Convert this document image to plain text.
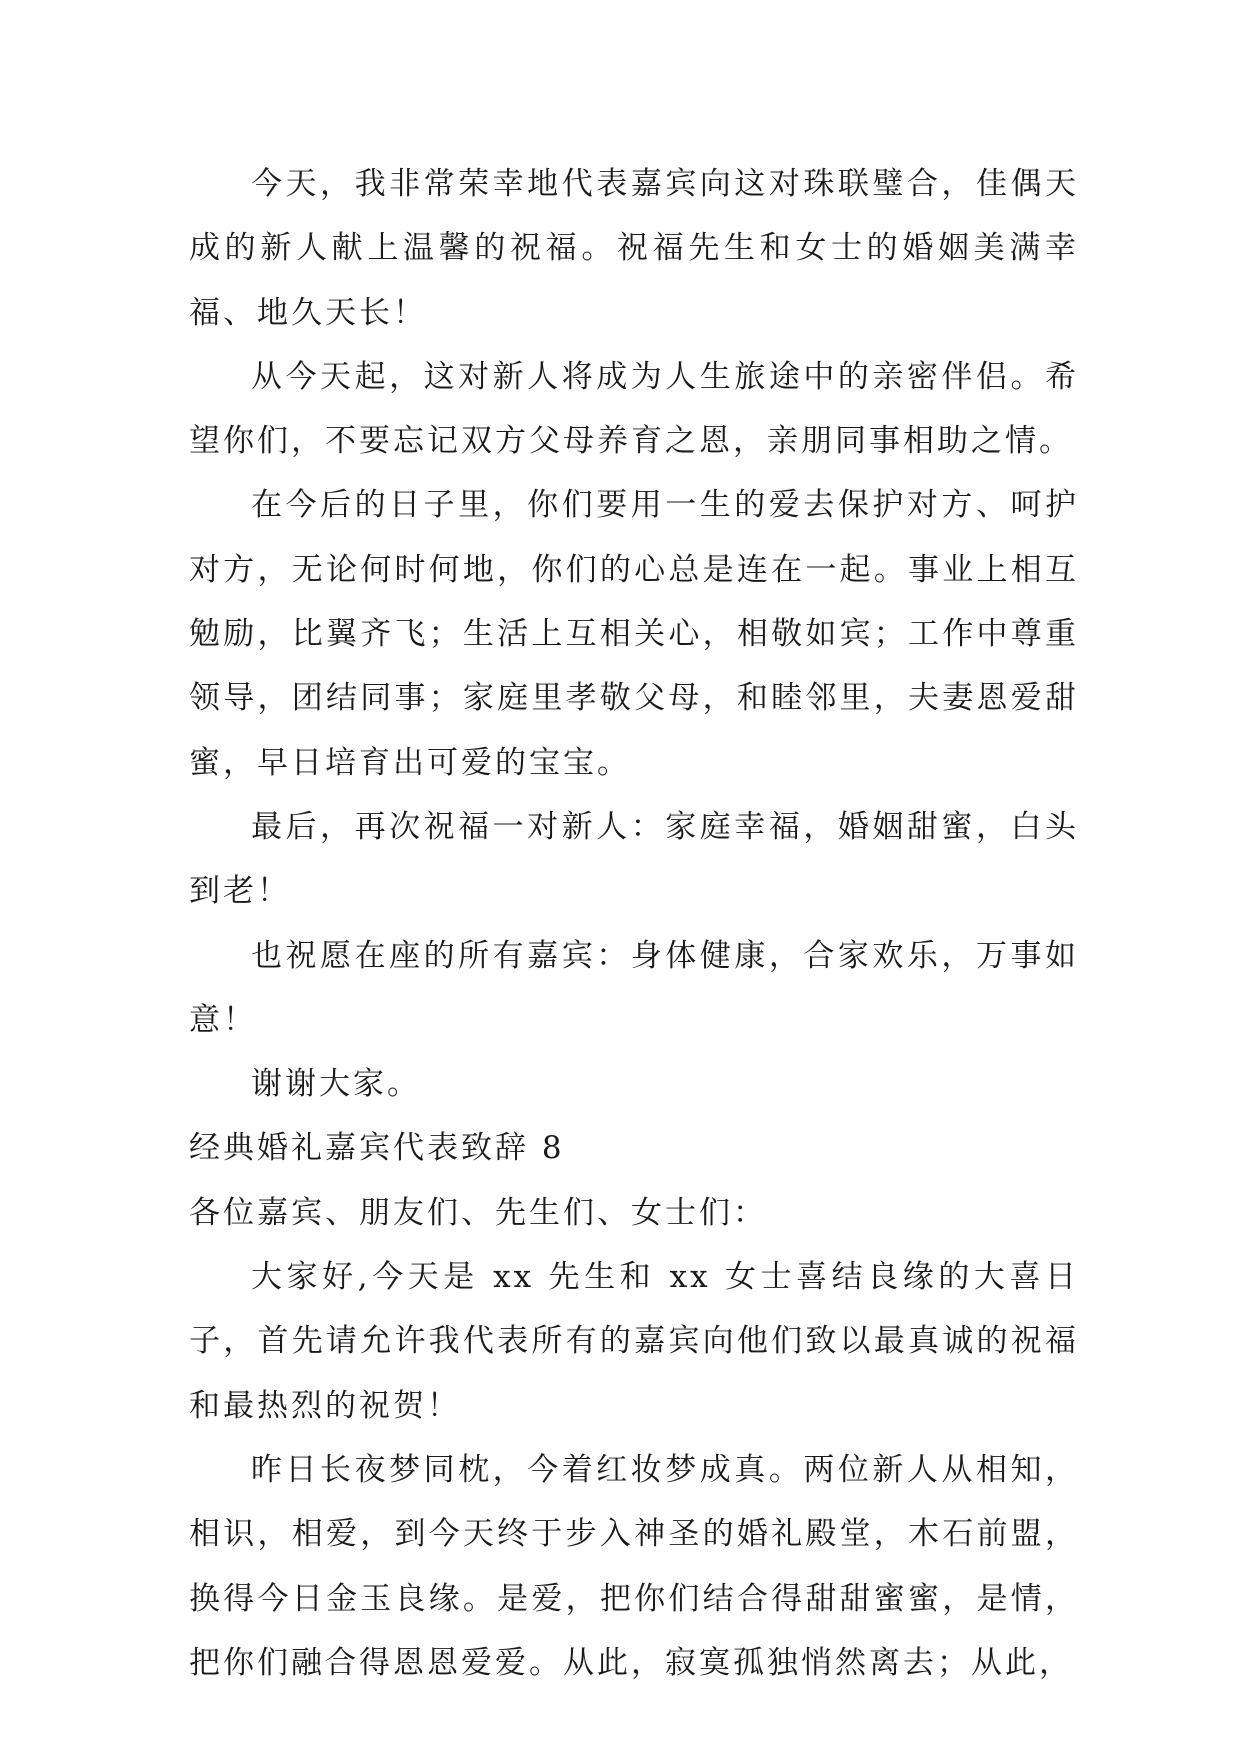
今天，我非常荣幸地代表嘉宾向这对珠联璧合，佳偶天成的新人献上温馨的祝福。祝福先生和女士的婚姻美满幸福、地久天长！

从今天起，这对新人将成为人生旅途中的亲密伴侣。希望你们，不要忘记双方父母养育之恩，亲朋同事相助之情。

在今后的日子里，你们要用一生的爱去保护对方、呵护对方，无论何时何地，你们的心总是连在一起。事业上相互勉励，比翼齐飞；生活上互相关心，相敬如宾；工作中尊重领导，团结同事；家庭里孝敬父母，和睦邻里，夫妻恩爱甜蜜，早日培育出可爱的宝宝。

最后，再次祝福一对新人：家庭幸福，婚姻甜蜜，白头到老！

也祝愿在座的所有嘉宾：身体健康，合家欢乐，万事如意！

谢谢大家。

经典婚礼嘉宾代表致辞 8

各位嘉宾、朋友们、先生们、女士们：

大家好,今天是 xx 先生和 xx 女士喜结良缘的大喜日子，首先请允许我代表所有的嘉宾向他们致以最真诚的祝福和最热烈的祝贺！

昨日长夜梦同枕，今着红妆梦成真。两位新人从相知，相识，相爱，到今天终于步入神圣的婚礼殿堂，木石前盟，换得今日金玉良缘。是爱，把你们结合得甜甜蜜蜜，是情，把你们融合得恩恩爱爱。从此，寂寞孤独悄然离去；从此，
